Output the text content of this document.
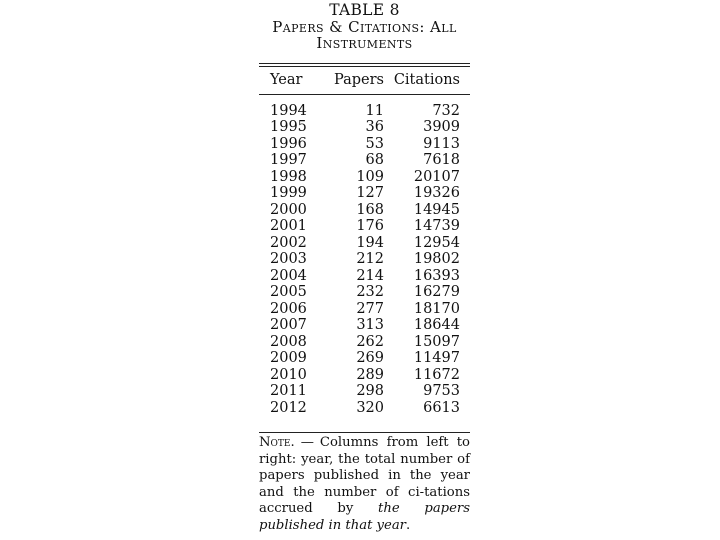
TABLE 8
Papers & Citations: All
Instruments
Year	Papers	Citations

1994	11	732
1995	36	3909
1996	53	9113
1997	68	7618
1998	109	20107
1999	127	19326
2000	168	14945
2001	176	14739
2002	194	12954
2003	212	19802
2004	214	16393
2005	232	16279
2006	277	18170
2007	313	18644
2008	262	15097
2009	269	11497
2010	289	11672
2011	298	9753
2012	320	6613
Note. — Columns from left to right: year, the total number of papers published in the year and the number of ci-tations accrued by the papers published in that year.
